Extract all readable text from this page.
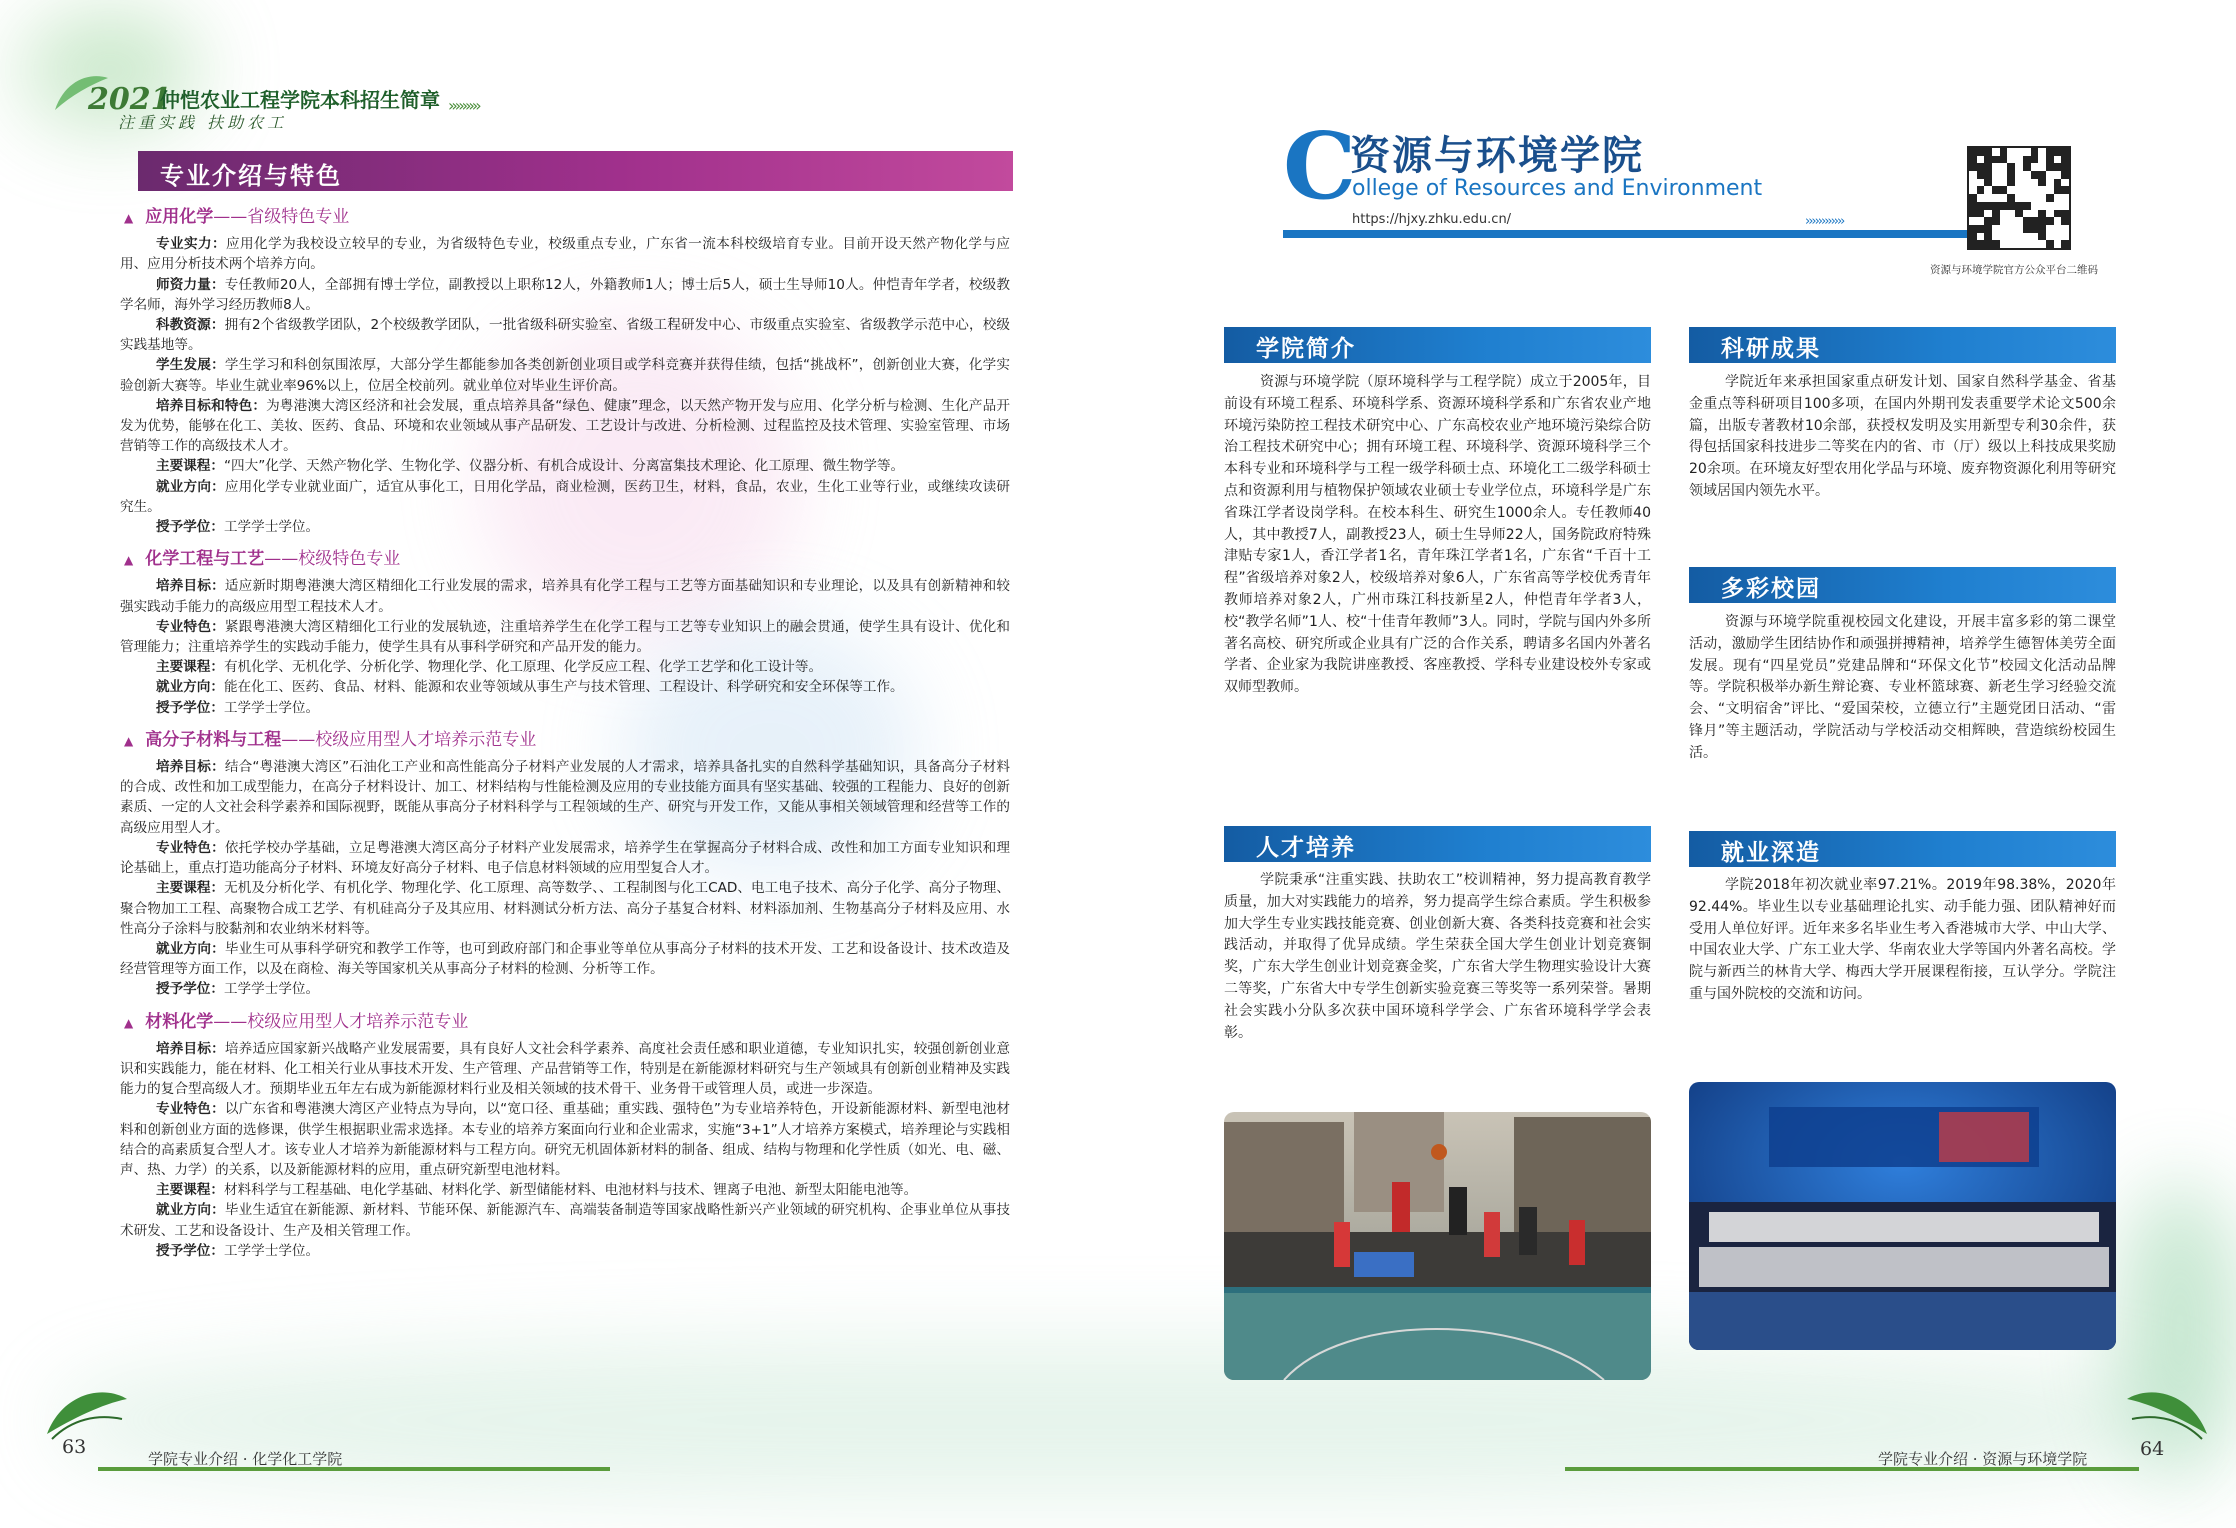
2021
仲恺农业工程学院本科招生简章
注重实践 扶助农工
›››››››››
专业介绍与特色
▲ 应用化学——省级特色专业
专业实力：应用化学为我校设立较早的专业，为省级特色专业，校级重点专业，广东省一流本科校级培育专业。目前开设天然产物化学与应用、应用分析技术两个培养方向。
师资力量：专任教师20人，全部拥有博士学位，副教授以上职称12人，外籍教师1人；博士后5人，硕士生导师10人。仲恺青年学者，校级教学名师，海外学习经历教师8人。
科教资源：拥有2个省级教学团队，2个校级教学团队，一批省级科研实验室、省级工程研发中心、市级重点实验室、省级教学示范中心，校级实践基地等。
学生发展：学生学习和科创氛围浓厚，大部分学生都能参加各类创新创业项目或学科竞赛并获得佳绩，包括“挑战杯”，创新创业大赛，化学实验创新大赛等。毕业生就业率96%以上，位居全校前列。就业单位对毕业生评价高。
培养目标和特色：为粤港澳大湾区经济和社会发展，重点培养具备“绿色、健康”理念，以天然产物开发与应用、化学分析与检测、生化产品开发为优势，能够在化工、美妆、医药、食品、环境和农业领域从事产品研发、工艺设计与改进、分析检测、过程监控及技术管理、实验室管理、市场营销等工作的高级技术人才。
主要课程：“四大”化学、天然产物化学、生物化学、仪器分析、有机合成设计、分离富集技术理论、化工原理、微生物学等。
就业方向：应用化学专业就业面广，适宜从事化工，日用化学品，商业检测，医药卫生，材料，食品，农业，生化工业等行业，或继续攻读研究生。
授予学位：工学学士学位。
▲ 化学工程与工艺——校级特色专业
培养目标：适应新时期粤港澳大湾区精细化工行业发展的需求，培养具有化学工程与工艺等方面基础知识和专业理论，以及具有创新精神和较强实践动手能力的高级应用型工程技术人才。
专业特色：紧跟粤港澳大湾区精细化工行业的发展轨迹，注重培养学生在化学工程与工艺等专业知识上的融会贯通，使学生具有设计、优化和管理能力；注重培养学生的实践动手能力，使学生具有从事科学研究和产品开发的能力。
主要课程：有机化学、无机化学、分析化学、物理化学、化工原理、化学反应工程、化学工艺学和化工设计等。
就业方向：能在化工、医药、食品、材料、能源和农业等领域从事生产与技术管理、工程设计、科学研究和安全环保等工作。
授予学位：工学学士学位。
▲ 高分子材料与工程——校级应用型人才培养示范专业
培养目标：结合“粤港澳大湾区”石油化工产业和高性能高分子材料产业发展的人才需求，培养具备扎实的自然科学基础知识，具备高分子材料的合成、改性和加工成型能力，在高分子材料设计、加工、材料结构与性能检测及应用的专业技能方面具有坚实基础、较强的工程能力、良好的创新素质、一定的人文社会科学素养和国际视野，既能从事高分子材料科学与工程领域的生产、研究与开发工作，又能从事相关领域管理和经营等工作的高级应用型人才。
专业特色：依托学校办学基础，立足粤港澳大湾区高分子材料产业发展需求，培养学生在掌握高分子材料合成、改性和加工方面专业知识和理论基础上，重点打造功能高分子材料、环境友好高分子材料、电子信息材料领域的应用型复合人才。
主要课程：无机及分析化学、有机化学、物理化学、化工原理、高等数学、、工程制图与化工CAD、电工电子技术、高分子化学、高分子物理、聚合物加工工程、高聚物合成工艺学、有机硅高分子及其应用、材料测试分析方法、高分子基复合材料、材料添加剂、生物基高分子材料及应用、水性高分子涂料与胶黏剂和农业纳米材料等。
就业方向：毕业生可从事科学研究和教学工作等，也可到政府部门和企事业等单位从事高分子材料的技术开发、工艺和设备设计、技术改造及经营管理等方面工作，以及在商检、海关等国家机关从事高分子材料的检测、分析等工作。
授予学位：工学学士学位。
▲ 材料化学——校级应用型人才培养示范专业
培养目标：培养适应国家新兴战略产业发展需要，具有良好人文社会科学素养、高度社会责任感和职业道德，专业知识扎实，较强创新创业意识和实践能力，能在材料、化工相关行业从事技术开发、生产管理、产品营销等工作，特别是在新能源材料研究与生产领域具有创新创业精神及实践能力的复合型高级人才。预期毕业五年左右成为新能源材料行业及相关领域的技术骨干、业务骨干或管理人员，或进一步深造。
专业特色：以广东省和粤港澳大湾区产业特点为导向，以“宽口径、重基础；重实践、强特色”为专业培养特色，开设新能源材料、新型电池材料和创新创业方面的选修课，供学生根据职业需求选择。本专业的培养方案面向行业和企业需求，实施“3+1”人才培养方案模式，培养理论与实践相结合的高素质复合型人才。该专业人才培养为新能源材料与工程方向。研究无机固体新材料的制备、组成、结构与物理和化学性质（如光、电、磁、声、热、力学）的关系，以及新能源材料的应用，重点研究新型电池材料。
主要课程：材料科学与工程基础、电化学基础、材料化学、新型储能材料、电池材料与技术、锂离子电池、新型太阳能电池等。
就业方向：毕业生适宜在新能源、新材料、节能环保、新能源汽车、高端装备制造等国家战略性新兴产业领域的研究机构、企事业单位从事技术研发、工艺和设备设计、生产及相关管理工作。
授予学位：工学学士学位。
63
学院专业介绍 · 化学化工学院
C
资源与环境学院
ollege of Resources and Environment
https://hjxy.zhku.edu.cn/	››››››››››››
资源与环境学院官方公众平台二维码
学院简介
资源与环境学院（原环境科学与工程学院）成立于2005年，目前设有环境工程系、环境科学系、资源环境科学系和广东省农业产地环境污染防控工程技术研究中心、广东高校农业产地环境污染综合防治工程技术研究中心；拥有环境工程、环境科学、资源环境科学三个本科专业和环境科学与工程一级学科硕士点、环境化工二级学科硕士点和资源利用与植物保护领域农业硕士专业学位点，环境科学是广东省珠江学者设岗学科。在校本科生、研究生1000余人。专任教师40人，其中教授7人，副教授23人，硕士生导师22人，国务院政府特殊津贴专家1人，香江学者1名，青年珠江学者1名，广东省“千百十工程”省级培养对象2人，校级培养对象6人，广东省高等学校优秀青年教师培养对象2人，广州市珠江科技新星2人，仲恺青年学者3人，校“教学名师”1人、校“十佳青年教师”3人。同时，学院与国内外多所著名高校、研究所或企业具有广泛的合作关系，聘请多名国内外著名学者、企业家为我院讲座教授、客座教授、学科专业建设校外专家或双师型教师。
人才培养
学院秉承“注重实践、扶助农工”校训精神，努力提高教育教学质量，加大对实践能力的培养，努力提高学生综合素质。学生积极参加大学生专业实践技能竞赛、创业创新大赛、各类科技竞赛和社会实践活动，并取得了优异成绩。学生荣获全国大学生创业计划竞赛铜奖，广东大学生创业计划竞赛金奖，广东省大学生物理实验设计大赛二等奖，广东省大中专学生创新实验竞赛三等奖等一系列荣誉。暑期社会实践小分队多次获中国环境科学学会、广东省环境科学学会表彰。
科研成果
学院近年来承担国家重点研发计划、国家自然科学基金、省基金重点等科研项目100多项，在国内外期刊发表重要学术论文500余篇，出版专著教材10余部，获授权发明及实用新型专利30余件，获得包括国家科技进步二等奖在内的省、市（厅）级以上科技成果奖励20余项。在环境友好型农用化学品与环境、废弃物资源化利用等研究领域居国内领先水平。
多彩校园
资源与环境学院重视校园文化建设，开展丰富多彩的第二课堂活动，激励学生团结协作和顽强拼搏精神，培养学生德智体美劳全面发展。现有“四星党员”党建品牌和“环保文化节”校园文化活动品牌等。学院积极举办新生辩论赛、专业杯篮球赛、新老生学习经验交流会、“文明宿舍”评比、“爱国荣校，立德立行”主题党团日活动、“雷锋月”等主题活动，学院活动与学校活动交相辉映，营造缤纷校园生活。
就业深造
学院2018年初次就业率97.21%。2019年98.38%，2020年92.44%。毕业生以专业基础理论扎实、动手能力强、团队精神好而受用人单位好评。近年来多名毕业生考入香港城市大学、中山大学、中国农业大学、广东工业大学、华南农业大学等国内外著名高校。学院与新西兰的林肯大学、梅西大学开展课程衔接，互认学分。学院注重与国外院校的交流和访问。
64
学院专业介绍 · 资源与环境学院
